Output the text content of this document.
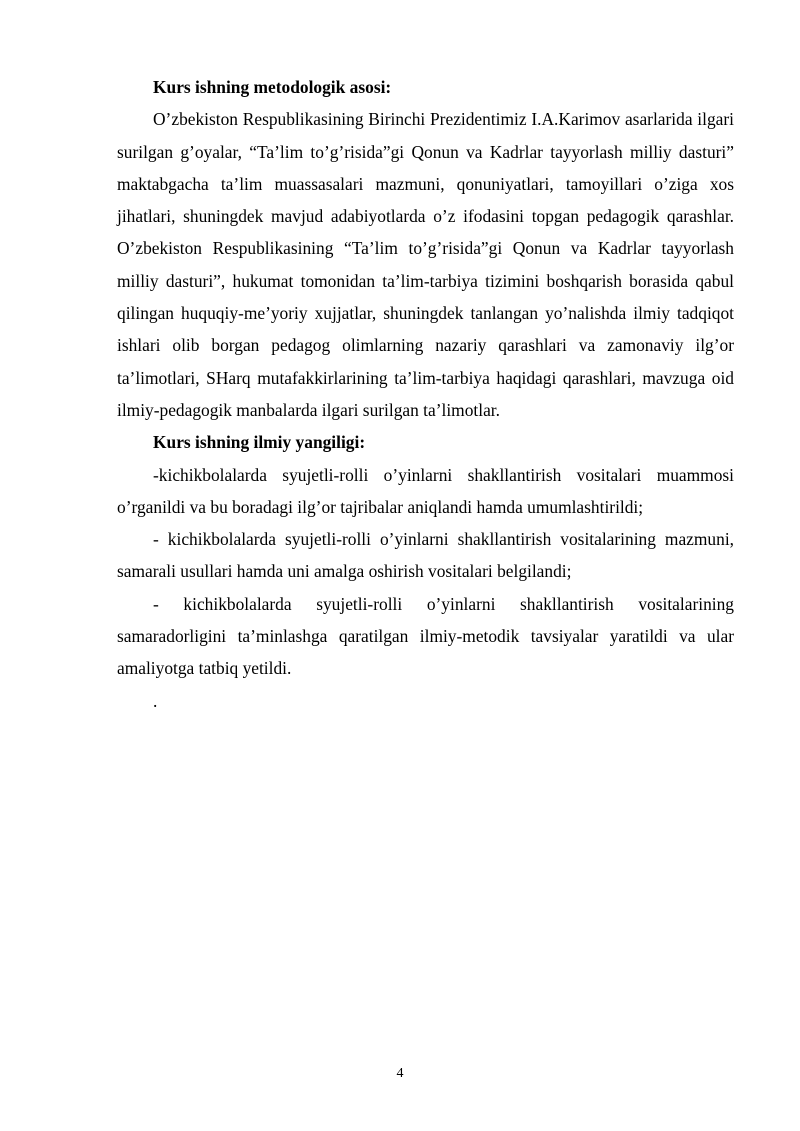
Kurs ishning metodologik asosi:

O’zbekiston Respublikasining Birinchi Prezidentimiz I.A.Karimov asarlarida ilgari surilgan g’oyalar, “Ta’lim to’g’risida”gi Qonun va Kadrlar tayyorlash milliy dasturi” maktabgacha ta’lim muassasalari mazmuni, qonuniyatlari, tamoyillari o’ziga xos jihatlari, shuningdek mavjud adabiyotlarda o’z ifodasini topgan pedagogik qarashlar. O’zbekiston Respublikasining “Ta’lim to’g’risida”gi Qonun va Kadrlar tayyorlash milliy dasturi”, hukumat tomonidan ta’lim-tarbiya tizimini boshqarish borasida qabul qilingan huquqiy-me’yoriy xujjatlar, shuningdek tanlangan yo’nalishda ilmiy tadqiqot ishlari olib borgan pedagog olimlarning nazariy qarashlari va zamonaviy ilg’or ta’limotlari, SHarq mutafakkirlarining ta’lim-tarbiya haqidagi qarashlari, mavzuga oid ilmiy-pedagogik manbalarda ilgari surilgan ta’limotlar.

Kurs ishning ilmiy yangiligi:

-kichikbolalarda syujetli-rolli o’yinlarni shakllantirish vositalari muammosi o’rganildi va bu boradagi ilg’or tajribalar aniqlandi hamda umumlashtirildi;

- kichikbolalarda syujetli-rolli o’yinlarni shakllantirish vositalarining mazmuni, samarali usullari hamda uni amalga oshirish vositalari belgilandi;

- kichikbolalarda syujetli-rolli o’yinlarni shakllantirish vositalarining samaradorligini ta’minlashga qaratilgan ilmiy-metodik tavsiyalar yaratildi va ular amaliyotga tatbiq yetildi.

.

4
